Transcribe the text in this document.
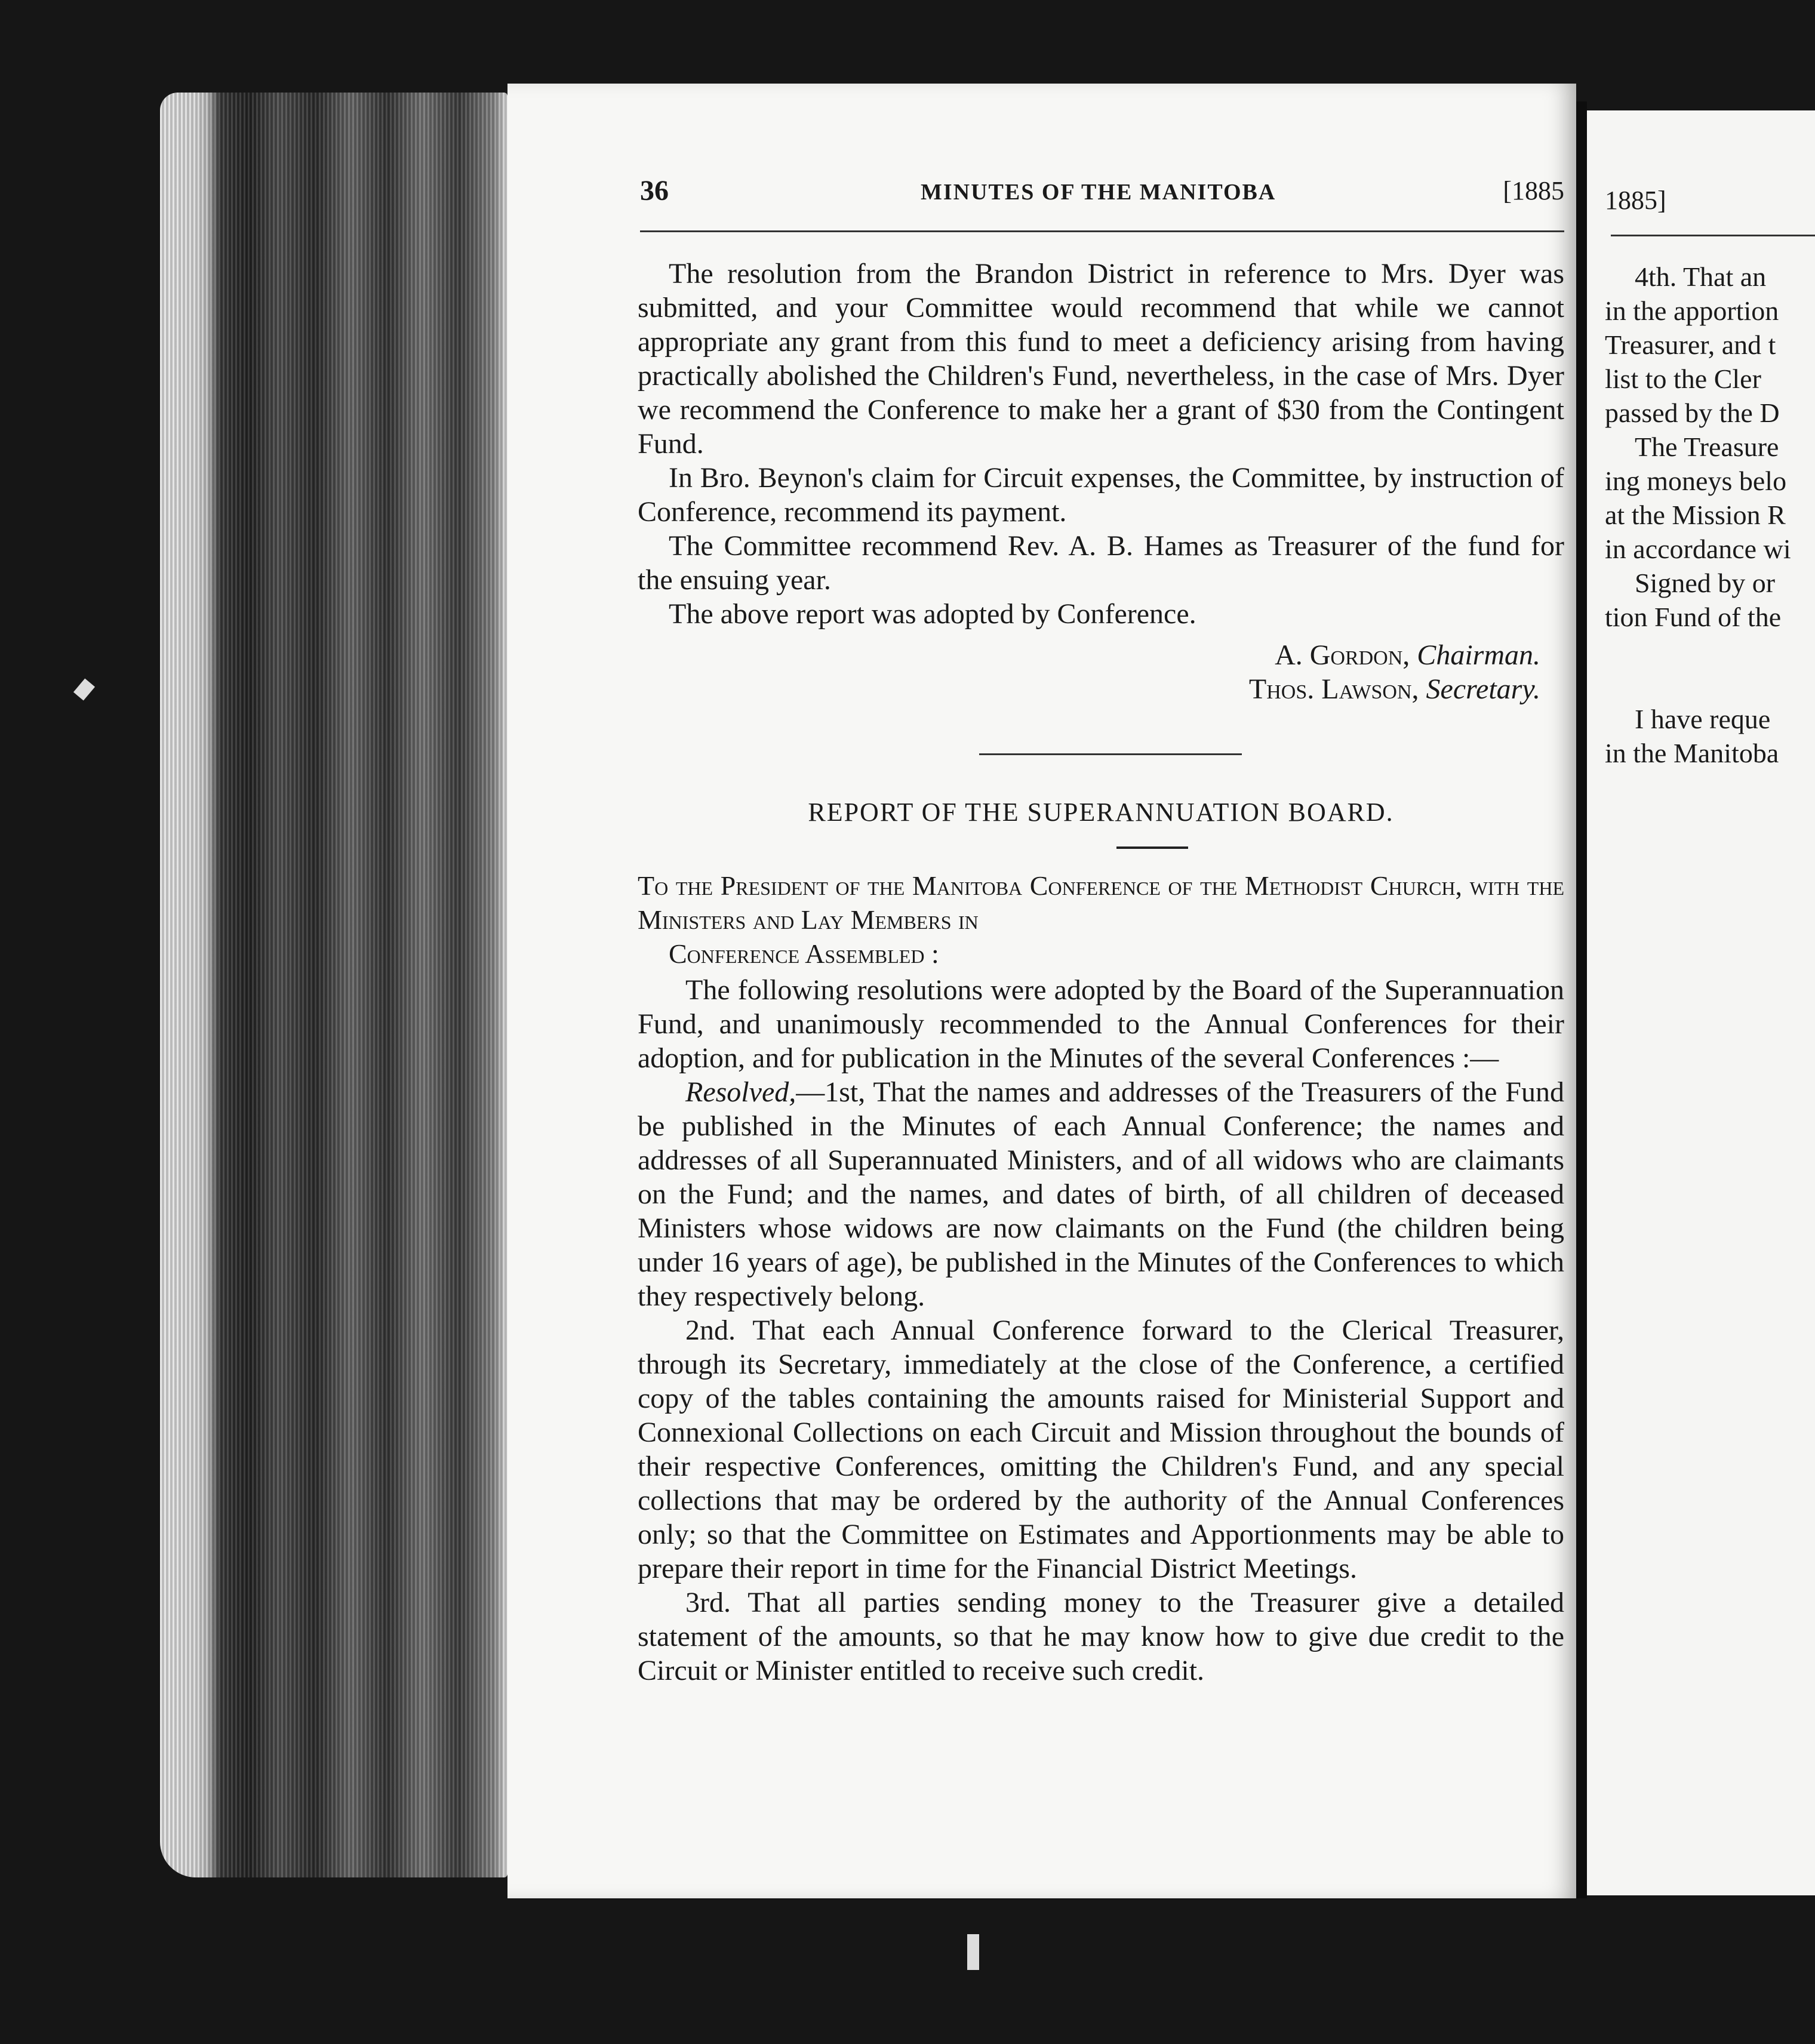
36	MINUTES OF THE MANITOBA	[1885

The resolution from the Brandon District in reference to Mrs. Dyer was submitted, and your Committee would recommend that while we cannot appropriate any grant from this fund to meet a deficiency arising from having practically abolished the Children's Fund, nevertheless, in the case of Mrs. Dyer we recommend the Conference to make her a grant of $30 from the Contingent Fund.

In Bro. Beynon's claim for Circuit expenses, the Committee, by instruction of Conference, recommend its payment.

The Committee recommend Rev. A. B. Hames as Treasurer of the fund for the ensuing year.

The above report was adopted by Conference.

A. Gordon, Chairman.
Thos. Lawson, Secretary.
REPORT OF THE SUPERANNUATION BOARD.
To the President of the Manitoba Conference of the Methodist Church, with the Ministers and Lay Members in
Conference Assembled :

The following resolutions were adopted by the Board of the Superannuation Fund, and unanimously recommended to the Annual Conferences for their adoption, and for publication in the Minutes of the several Conferences :—

Resolved,—1st, That the names and addresses of the Treasurers of the Fund be published in the Minutes of each Annual Conference; the names and addresses of all Superannuated Ministers, and of all widows who are claimants on the Fund; and the names, and dates of birth, of all children of deceased Ministers whose widows are now claimants on the Fund (the children being under 16 years of age), be published in the Minutes of the Conferences to which they respectively belong.

2nd. That each Annual Conference forward to the Clerical Treasurer, through its Secretary, immediately at the close of the Conference, a certified copy of the tables containing the amounts raised for Ministerial Support and Connexional Collections on each Circuit and Mission throughout the bounds of their respective Conferences, omitting the Children's Fund, and any special collections that may be ordered by the authority of the Annual Conferences only; so that the Committee on Estimates and Apportionments may be able to prepare their report in time for the Financial District Meetings.

3rd. That all parties sending money to the Treasurer give a detailed statement of the amounts, so that he may know how to give due credit to the Circuit or Minister entitled to receive such credit.

1885]
4th. That an
in the apportion
Treasurer, and t
list to the Cler
passed by the D
The Treasure
ing moneys belo
at the Mission R
in accordance wi
Signed by or
tion Fund of the
I have reque
in the Manitoba
